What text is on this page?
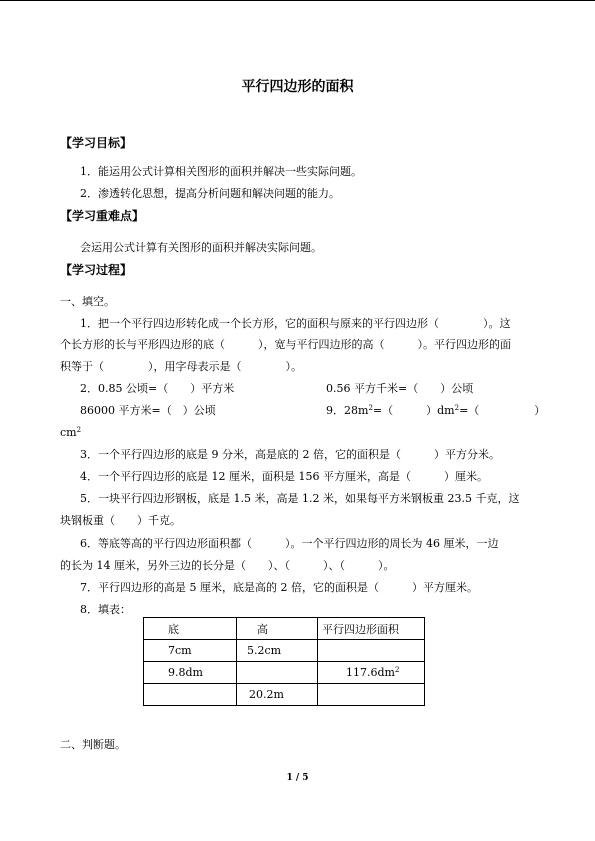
平行四边形的面积
【学习目标】
1．能运用公式计算相关图形的面积并解决一些实际问题。
2．渗透转化思想，提高分析问题和解决问题的能力。
【学习重难点】
会运用公式计算有关图形的面积并解决实际问题。
【学习过程】
一、填空。
1．把一个平行四边形转化成一个长方形，它的面积与原来的平行四边形（　　　　）。这
个长方形的长与平形四边形的底（　　　），宽与平行四边形的高（　　　）。平行四边形的面
积等于（　　　　），用字母表示是（　　　　）。
2．0.85 公顷=（　　）平方米	0.56 平方千米=（　　）公顷
86000 平方米=（　）公顷	9．$28m^2=$（　　　）$dm^2=$（　　　　　）
$cm^2$
3．一个平行四边形的底是 9 分米，高是底的 2 倍，它的面积是（　　　）平方分米。
4．一个平行四边形的底是 12 厘米，面积是 156 平方厘米，高是（　　　）厘米。
5．一块平行四边形钢板，底是 1.5 米，高是 1.2 米，如果每平方米钢板重 23.5 千克，这
块钢板重（　　）千克。
6．等底等高的平行四边形面积都（　　　）。一个平行四边形的周长为 46 厘米，一边
的长为 14 厘米，另外三边的长分是（　　）、（　　　）、（　　　）。
7．平行四边形的高是 5 厘米，底是高的 2 倍，它的面积是（　　　）平方厘米。
8．填表：
底	高	平行四边形面积
7cm	5.2cm	
9.8dm		$117.6dm^2$
	20.2m	
二、判断题。
1 / 5
